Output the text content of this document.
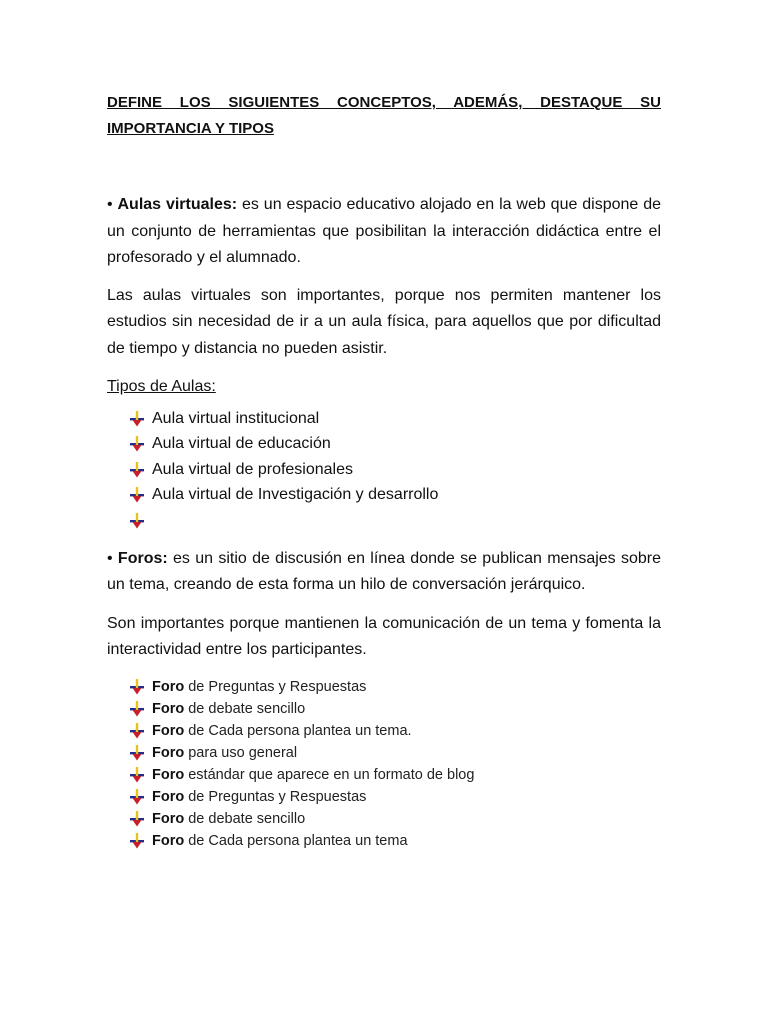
DEFINE LOS SIGUIENTES CONCEPTOS, ADEMÁS, DESTAQUE SU
IMPORTANCIA Y TIPOS

• Aulas virtuales: es un espacio educativo alojado en la web que dispone de un conjunto de herramientas que posibilitan la interacción didáctica entre el profesorado y el alumnado.

Las aulas virtuales son importantes, porque nos permiten mantener los estudios sin necesidad de ir a un aula física, para aquellos que por dificultad de tiempo y distancia no pueden asistir.

Tipos de Aulas:

Aula virtual institucional
Aula virtual de educación
Aula virtual de profesionales
Aula virtual de Investigación y desarrollo

• Foros: es un sitio de discusión en línea donde se publican mensajes sobre un tema, creando de esta forma un hilo de conversación jerárquico.

Son importantes porque mantienen la comunicación de un tema y fomenta la interactividad entre los participantes.

Foro de Preguntas y Respuestas
Foro de debate sencillo
Foro de Cada persona plantea un tema.
Foro para uso general
Foro estándar que aparece en un formato de blog
Foro de Preguntas y Respuestas
Foro de debate sencillo
Foro de Cada persona plantea un tema
